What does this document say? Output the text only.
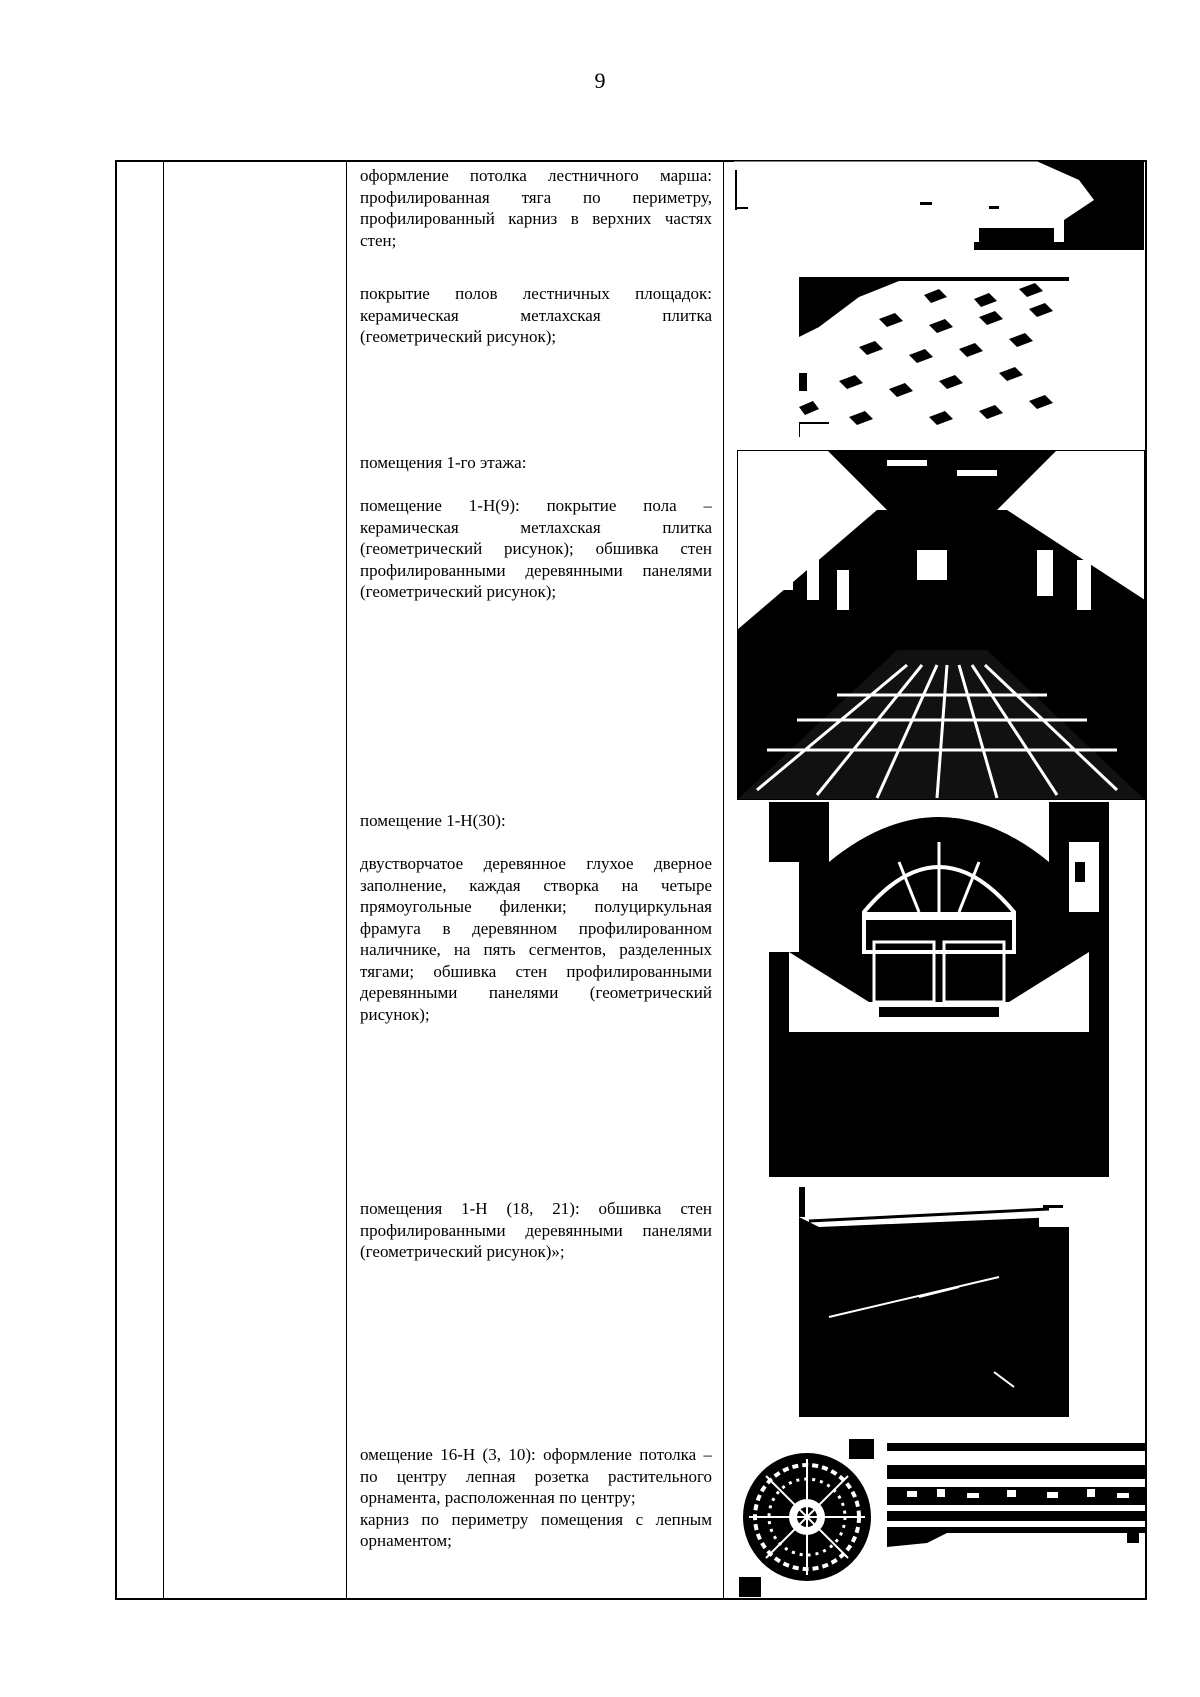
9

оформление потолка лестничного марша: профилированная тяга по периметру, профилированный карниз в верхних частях стен;

покрытие полов лестничных площадок: керамическая метлахская плитка (геометрический рисунок);

помещения 1-го этажа:

помещение 1-Н(9): покрытие пола – керамическая метлахская плитка (геометрический рисунок); обшивка стен профилированными деревянными панелями (геометрический рисунок);

помещение 1-Н(30):

двустворчатое деревянное глухое дверное заполнение, каждая створка на четыре прямоугольные филенки; полуциркульная фрамуга в деревянном профилированном наличнике, на пять сегментов, разделенных тягами; обшивка стен профилированными деревянными панелями (геометрический рисунок);

помещения 1-Н (18, 21): обшивка стен профилированными деревянными панелями (геометрический рисунок)»;

омещение 16-Н (3, 10): оформление потолка – по центру лепная розетка растительного орнамента, расположенная по центру;

карниз по периметру помещения с лепным орнаментом;
